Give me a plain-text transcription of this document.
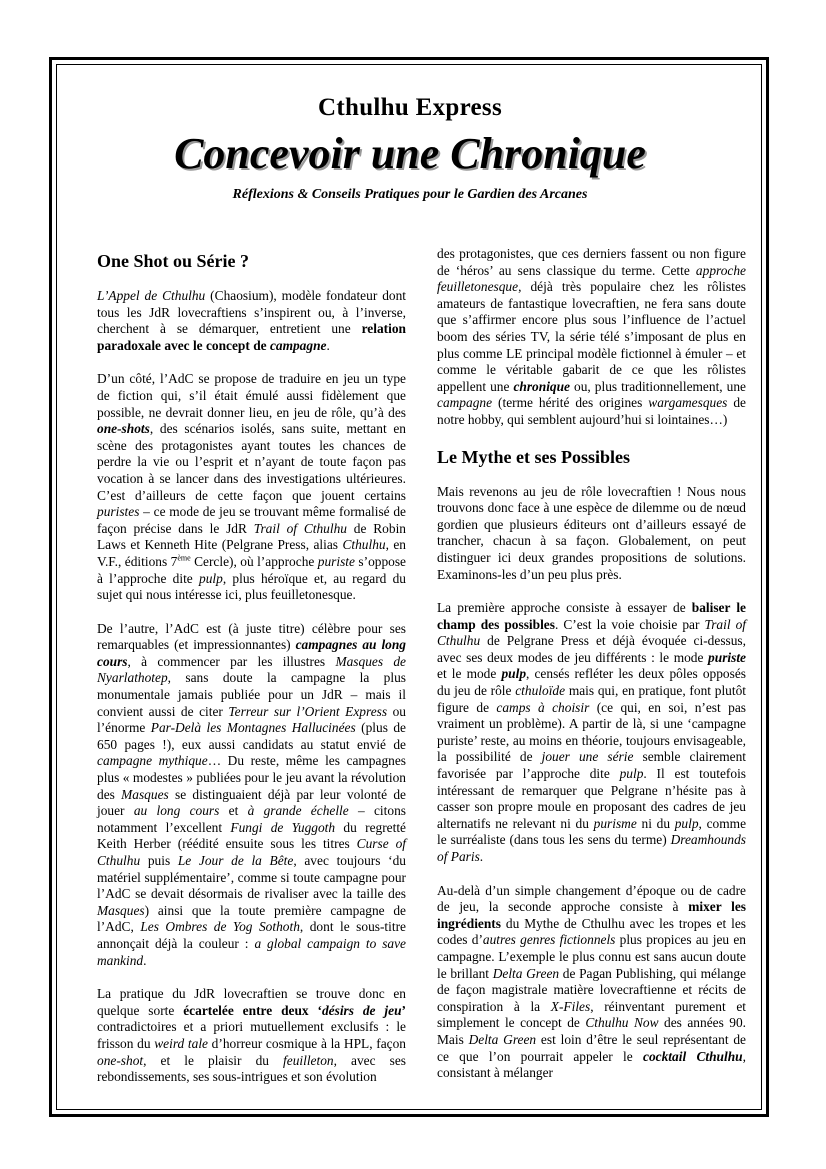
Cthulhu Express
Concevoir une Chronique
Réflexions & Conseils Pratiques pour le Gardien des Arcanes
One Shot ou Série ?

L’Appel de Cthulhu (Chaosium), modèle fondateur dont tous les JdR lovecraftiens s’inspirent ou, à l’inverse, cherchent à se démarquer, entretient une relation paradoxale avec le concept de campagne.

D’un côté, l’AdC se propose de traduire en jeu un type de fiction qui, s’il était émulé aussi fidèlement que possible, ne devrait donner lieu, en jeu de rôle, qu’à des one-shots, des scénarios isolés, sans suite, mettant en scène des protagonistes ayant toutes les chances de perdre la vie ou l’esprit et n’ayant de toute façon pas vocation à se lancer dans des investigations ultérieures. C’est d’ailleurs de cette façon que jouent certains puristes – ce mode de jeu se trouvant même formalisé de façon précise dans le JdR Trail of Cthulhu de Robin Laws et Kenneth Hite (Pelgrane Press, alias Cthulhu, en V.F., éditions 7ème Cercle), où l’approche puriste s’oppose à l’approche dite pulp, plus héroïque et, au regard du sujet qui nous intéresse ici, plus feuilletonesque.

De l’autre, l’AdC est (à juste titre) célèbre pour ses remarquables (et impressionnantes) campagnes au long cours, à commencer par les illustres Masques de Nyarlathotep, sans doute la campagne la plus monumentale jamais publiée pour un JdR – mais il convient aussi de citer Terreur sur l’Orient Express ou l’énorme Par-Delà les Montagnes Hallucinées (plus de 650 pages !), eux aussi candidats au statut envié de campagne mythique… Du reste, même les campagnes plus « modestes » publiées pour le jeu avant la révolution des Masques se distinguaient déjà par leur volonté de jouer au long cours et à grande échelle – citons notamment l’excellent Fungi de Yuggoth du regretté Keith Herber (réédité ensuite sous les titres Curse of Cthulhu puis Le Jour de la Bête, avec toujours ‘du matériel supplémentaire’, comme si toute campagne pour l’AdC se devait désormais de rivaliser avec la taille des Masques) ainsi que la toute première campagne de l’AdC, Les Ombres de Yog Sothoth, dont le sous-titre annonçait déjà la couleur : a global campaign to save mankind.

La pratique du JdR lovecraftien se trouve donc en quelque sorte écartelée entre deux ‘désirs de jeu’ contradictoires et a priori mutuellement exclusifs : le frisson du weird tale d’horreur cosmique à la HPL, façon one-shot, et le plaisir du feuilleton, avec ses rebondissements, ses sous-intrigues et son évolution

des protagonistes, que ces derniers fassent ou non figure de ‘héros’ au sens classique du terme. Cette approche feuilletonesque, déjà très populaire chez les rôlistes amateurs de fantastique lovecraftien, ne fera sans doute que s’affirmer encore plus sous l’influence de l’actuel boom des séries TV, la série télé s’imposant de plus en plus comme LE principal modèle fictionnel à émuler – et comme le véritable gabarit de ce que les rôlistes appellent une chronique ou, plus traditionnellement, une campagne (terme hérité des origines wargamesques de notre hobby, qui semblent aujourd’hui si lointaines…)

Le Mythe et ses Possibles

Mais revenons au jeu de rôle lovecraftien ! Nous nous trouvons donc face à une espèce de dilemme ou de nœud gordien que plusieurs éditeurs ont d’ailleurs essayé de trancher, chacun à sa façon. Globalement, on peut distinguer ici deux grandes propositions de solutions. Examinons-les d’un peu plus près.

La première approche consiste à essayer de baliser le champ des possibles. C’est la voie choisie par Trail of Cthulhu de Pelgrane Press et déjà évoquée ci-dessus, avec ses deux modes de jeu différents : le mode puriste et le mode pulp, censés refléter les deux pôles opposés du jeu de rôle cthuloïde mais qui, en pratique, font plutôt figure de camps à choisir (ce qui, en soi, n’est pas vraiment un problème). A partir de là, si une ‘campagne puriste’ reste, au moins en théorie, toujours envisageable, la possibilité de jouer une série semble clairement favorisée par l’approche dite pulp. Il est toutefois intéressant de remarquer que Pelgrane n’hésite pas à casser son propre moule en proposant des cadres de jeu alternatifs ne relevant ni du purisme ni du pulp, comme le surréaliste (dans tous les sens du terme) Dreamhounds of Paris.

Au-delà d’un simple changement d’époque ou de cadre de jeu, la seconde approche consiste à mixer les ingrédients du Mythe de Cthulhu avec les tropes et les codes d’autres genres fictionnels plus propices au jeu en campagne. L’exemple le plus connu est sans aucun doute le brillant Delta Green de Pagan Publishing, qui mélange de façon magistrale matière lovecraftienne et récits de conspiration à la X-Files, réinventant purement et simplement le concept de Cthulhu Now des années 90. Mais Delta Green est loin d’être le seul représentant de ce que l’on pourrait appeler le cocktail Cthulhu, consistant à mélanger
